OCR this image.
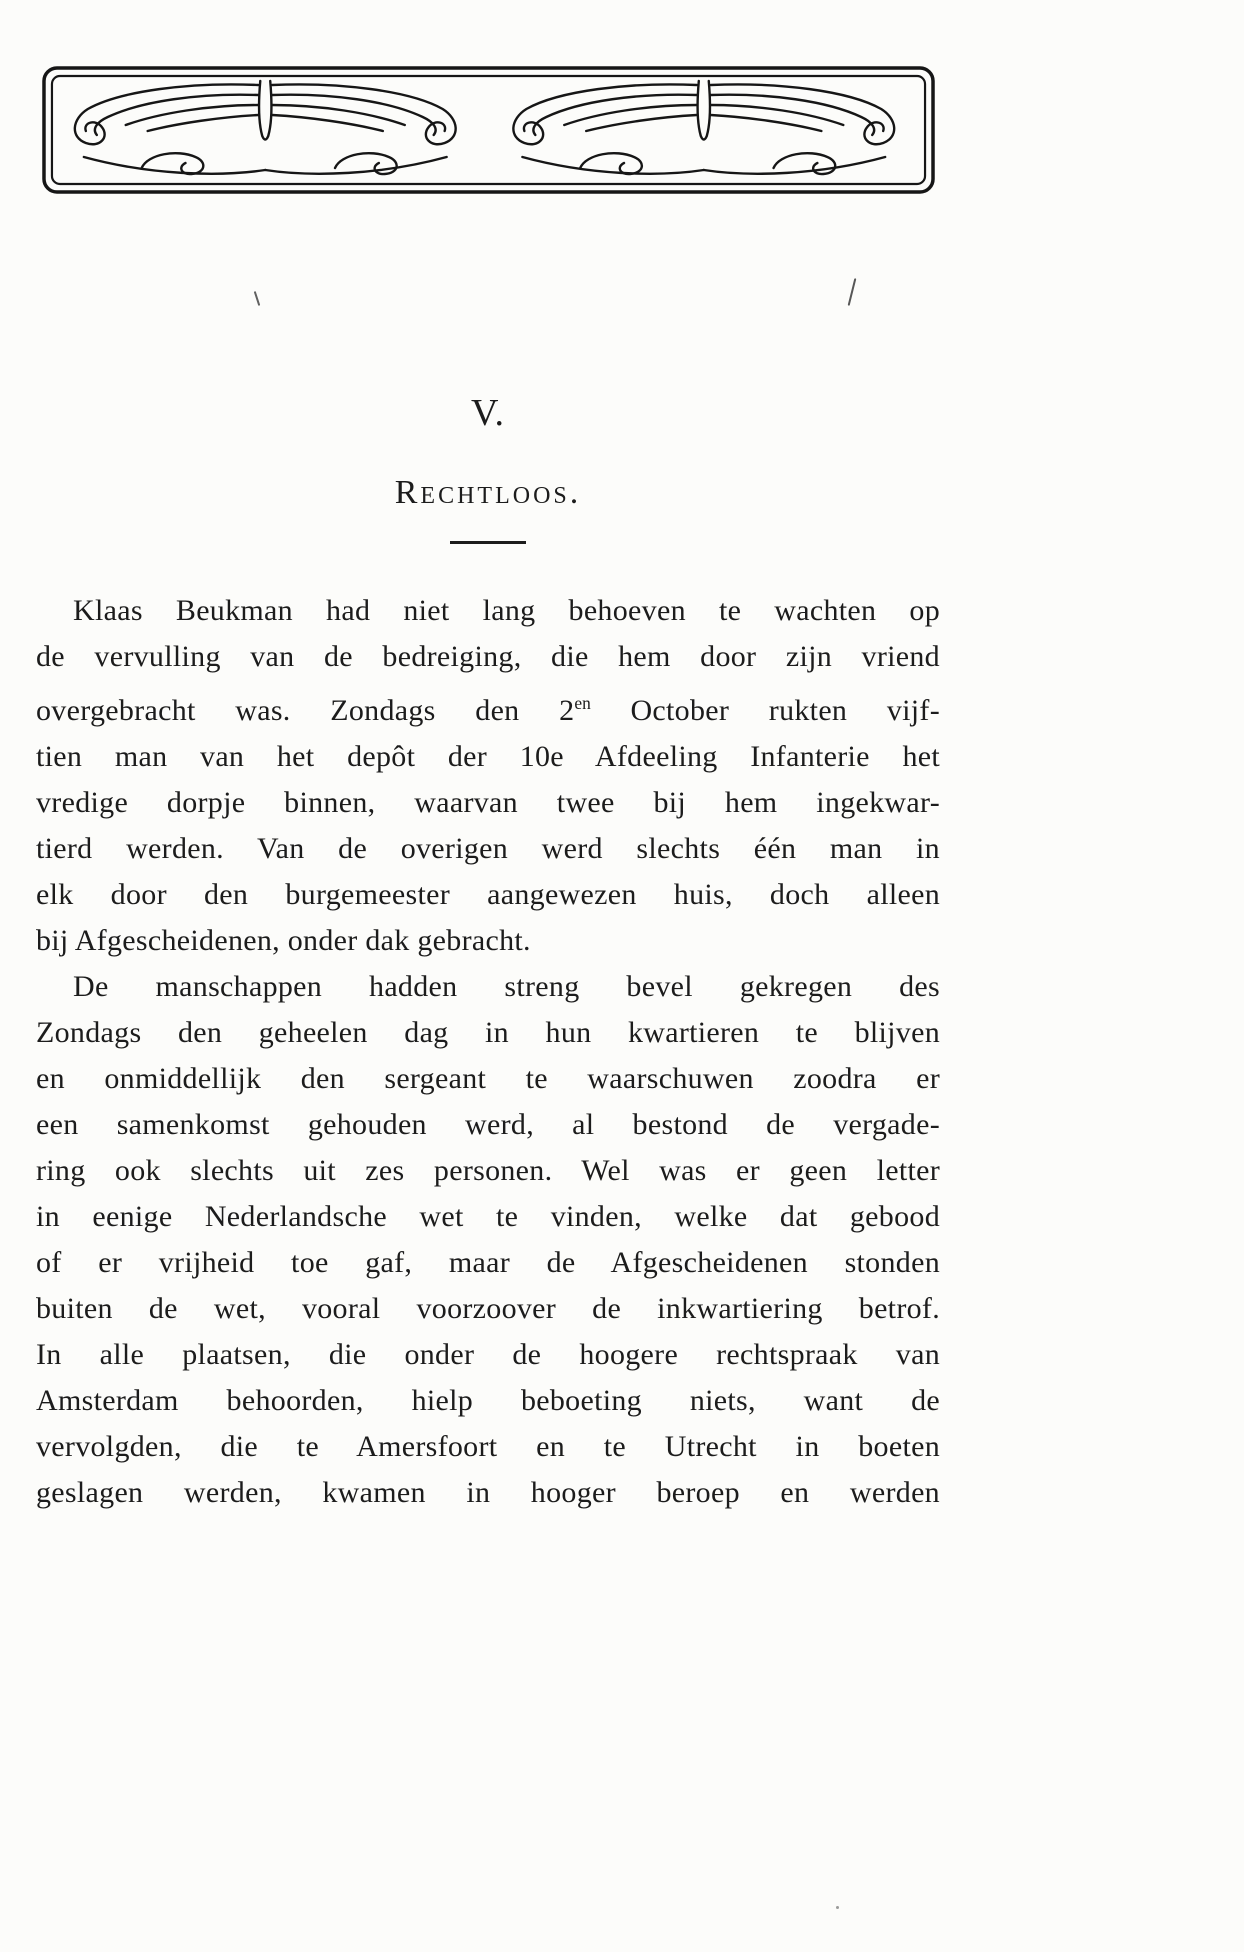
V.
Rechtloos.
Klaas Beukman had niet lang behoeven te wachten op
de vervulling van de bedreiging, die hem door zijn vriend
overgebracht was. Zondags den $2^{en}$ October rukten vijf-
tien man van het depôt der 10e Afdeeling Infanterie het
vredige dorpje binnen, waarvan twee bij hem ingekwar-
tierd werden. Van de overigen werd slechts één man in
elk door den burgemeester aangewezen huis, doch alleen
bij Afgescheidenen, onder dak gebracht.
De manschappen hadden streng bevel gekregen des
Zondags den geheelen dag in hun kwartieren te blijven
en onmiddellijk den sergeant te waarschuwen zoodra er
een samenkomst gehouden werd, al bestond de vergade-
ring ook slechts uit zes personen. Wel was er geen letter
in eenige Nederlandsche wet te vinden, welke dat gebood
of er vrijheid toe gaf, maar de Afgescheidenen stonden
buiten de wet, vooral voorzoover de inkwartiering betrof.
In alle plaatsen, die onder de hoogere rechtspraak van
Amsterdam behoorden, hielp beboeting niets, want de
vervolgden, die te Amersfoort en te Utrecht in boeten
geslagen werden, kwamen in hooger beroep en werden
